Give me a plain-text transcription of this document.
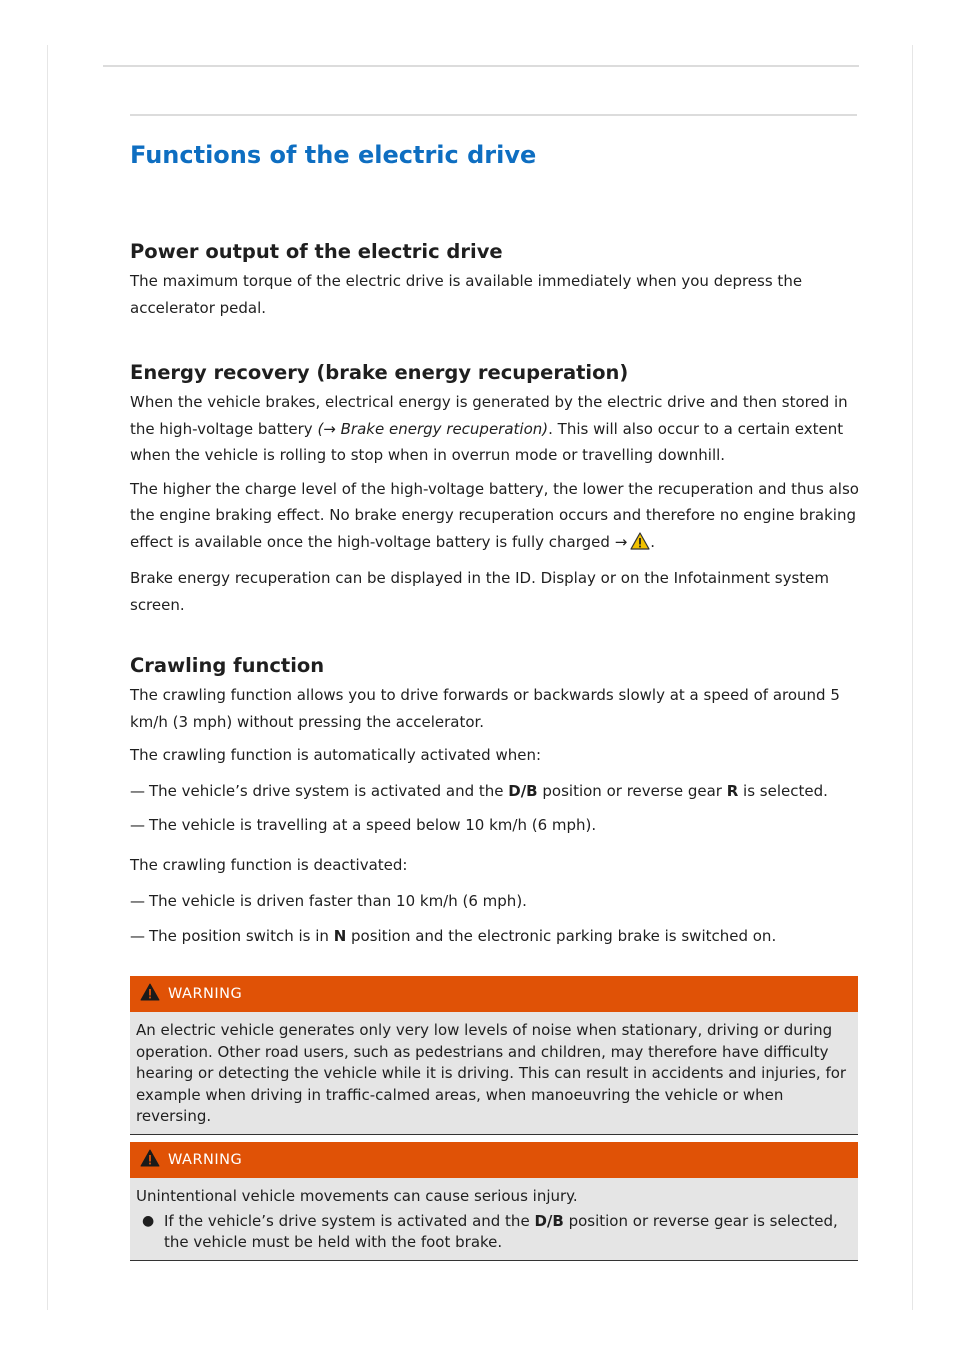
Functions of the electric drive
Power output of the electric drive

The maximum torque of the electric drive is available immediately when you depress the accelerator pedal.

Energy recovery (brake energy recuperation)

When the vehicle brakes, electrical energy is generated by the electric drive and then stored in the high-voltage battery (→ Brake energy recuperation). This will also occur to a certain extent when the vehicle is rolling to stop when in overrun mode or travelling downhill.

The higher the charge level of the high-voltage battery, the lower the recuperation and thus also the engine braking effect. No brake energy recuperation occurs and therefore no engine braking effect is available once the high-voltage battery is fully charged → .

Brake energy recuperation can be displayed in the ID. Display or on the Infotainment system screen.

Crawling function

The crawling function allows you to drive forwards or backwards slowly at a speed of around 5 km/h (3 mph) without pressing the accelerator.

The crawling function is automatically activated when:

— The vehicle’s drive system is activated and the D/B position or reverse gear R is selected.
— The vehicle is travelling at a speed below 10 km/h (6 mph).

The crawling function is deactivated:

— The vehicle is driven faster than 10 km/h (6 mph).
— The position switch is in N position and the electronic parking brake is switched on.
WARNING
An electric vehicle generates only very low levels of noise when stationary, driving or during operation. Other road users, such as pedestrians and children, may therefore have difficulty hearing or detecting the vehicle while it is driving. This can result in accidents and injuries, for example when driving in traffic-calmed areas, when manoeuvring the vehicle or when reversing.
WARNING
Unintentional vehicle movements can cause serious injury.
● If the vehicle’s drive system is activated and the D/B position or reverse gear is selected, the vehicle must be held with the foot brake.
